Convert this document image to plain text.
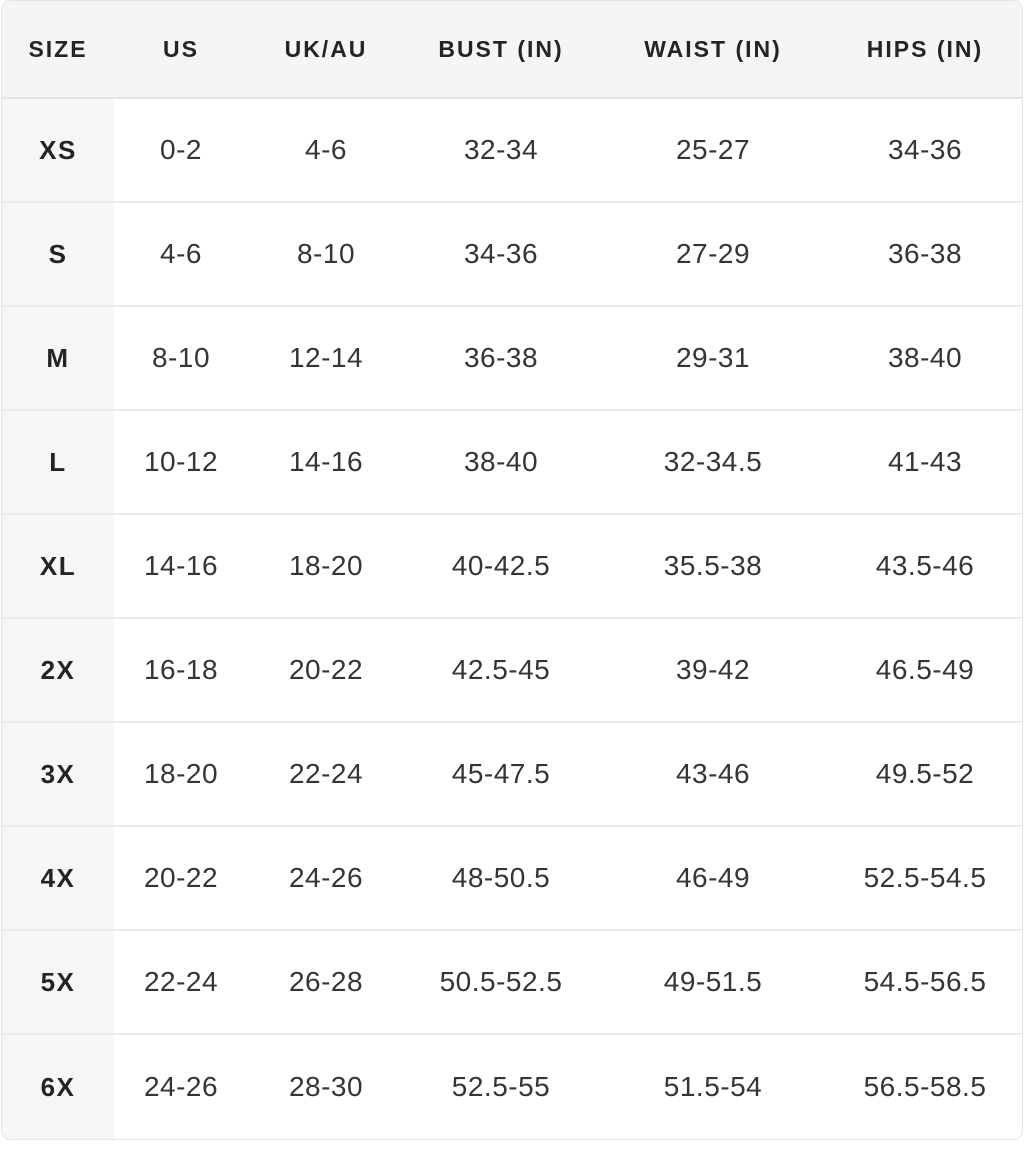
SIZE	US	UK/AU	BUST (IN)	WAIST (IN)	HIPS (IN)
XS	0-2	4-6	32-34	25-27	34-36
S	4-6	8-10	34-36	27-29	36-38
M	8-10	12-14	36-38	29-31	38-40
L	10-12	14-16	38-40	32-34.5	41-43
XL	14-16	18-20	40-42.5	35.5-38	43.5-46
2X	16-18	20-22	42.5-45	39-42	46.5-49
3X	18-20	22-24	45-47.5	43-46	49.5-52
4X	20-22	24-26	48-50.5	46-49	52.5-54.5
5X	22-24	26-28	50.5-52.5	49-51.5	54.5-56.5
6X	24-26	28-30	52.5-55	51.5-54	56.5-58.5
